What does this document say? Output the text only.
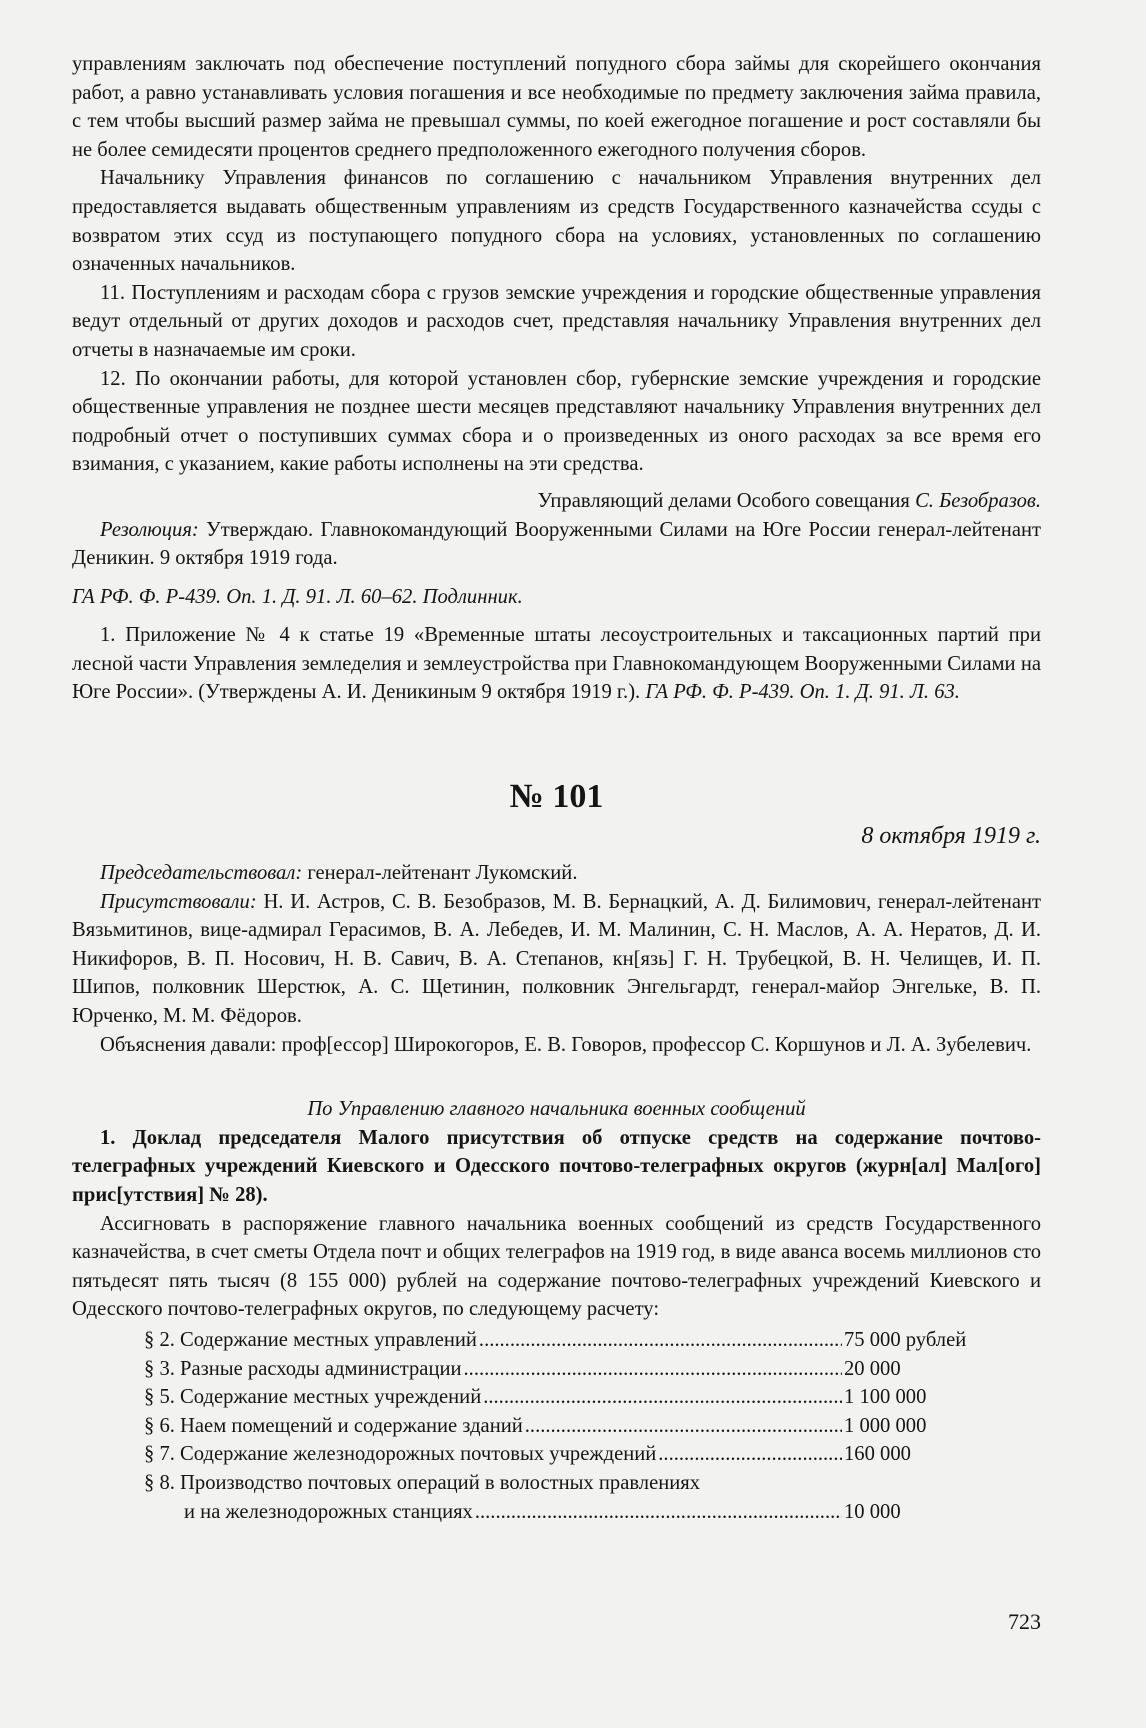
управлениям заключать под обеспечение поступлений попудного сбора займы для скорейшего окончания работ, а равно устанавливать условия погашения и все необходимые по предмету заключения займа правила, с тем чтобы высший размер займа не превышал суммы, по коей ежегодное погашение и рост составляли бы не более семидесяти процентов среднего предположенного ежегодного получения сборов.

Начальнику Управления финансов по соглашению с начальником Управления внутренних дел предоставляется выдавать общественным управлениям из средств Государственного казначейства ссуды с возвратом этих ссуд из поступающего попудного сбора на условиях, установленных по соглашению означенных начальников.

11. Поступлениям и расходам сбора с грузов земские учреждения и городские общественные управления ведут отдельный от других доходов и расходов счет, представляя начальнику Управления внутренних дел отчеты в назначаемые им сроки.

12. По окончании работы, для которой установлен сбор, губернские земские учреждения и городские общественные управления не позднее шести месяцев представляют начальнику Управления внутренних дел подробный отчет о поступивших суммах сбора и о произведенных из оного расходах за все время его взимания, с указанием, какие работы исполнены на эти средства.

Управляющий делами Особого совещания С. Безобразов.

Резолюция: Утверждаю. Главнокомандующий Вооруженными Силами на Юге России генерал-лейтенант Деникин. 9 октября 1919 года.

ГА РФ. Ф. Р-439. Оп. 1. Д. 91. Л. 60–62. Подлинник.

1. Приложение № 4 к статье 19 «Временные штаты лесоустроительных и таксационных партий при лесной части Управления земледелия и землеустройства при Главнокомандующем Вооруженными Силами на Юге России». (Утверждены А. И. Деникиным 9 октября 1919 г.). ГА РФ. Ф. Р-439. Оп. 1. Д. 91. Л. 63.

№ 101
8 октября 1919 г.

Председательствовал: генерал-лейтенант Лукомский.

Присутствовали: Н. И. Астров, С. В. Безобразов, М. В. Бернацкий, А. Д. Билимович, генерал-лейтенант Вязьмитинов, вице-адмирал Герасимов, В. А. Лебедев, И. М. Малинин, С. Н. Маслов, А. А. Нератов, Д. И. Никифоров, В. П. Носович, Н. В. Савич, В. А. Степанов, кн[язь] Г. Н. Трубецкой, В. Н. Челищев, И. П. Шипов, полковник Шерстюк, А. С. Щетинин, полковник Энгельгардт, генерал-майор Энгельке, В. П. Юрченко, М. М. Фёдоров.

Объяснения давали: проф[ессор] Широкогоров, Е. В. Говоров, профессор С. Коршунов и Л. А. Зубелевич.

По Управлению главного начальника военных сообщений

1. Доклад председателя Малого присутствия об отпуске средств на содержание почтово-телеграфных учреждений Киевского и Одесского почтово-телеграфных округов (журн[ал] Мал[ого] прис[утствия] № 28).

Ассигновать в распоряжение главного начальника военных сообщений из средств Государственного казначейства, в счет сметы Отдела почт и общих телеграфов на 1919 год, в виде аванса восемь миллионов сто пятьдесят пять тысяч (8 155 000) рублей на содержание почтово-телеграфных учреждений Киевского и Одесского почтово-телеграфных округов, по следующему расчету:

§ 2. Содержание местных управлений .....	75 000 рублей
§ 3. Разные расходы администрации .....	20 000
§ 5. Содержание местных учреждений .....	1 100 000
§ 6. Наем помещений и содержание зданий .....	1 000 000
§ 7. Содержание железнодорожных почтовых учреждений .....	160 000
§ 8. Производство почтовых операций в волостных правлениях
и на железнодорожных станциях .....	10 000
723
